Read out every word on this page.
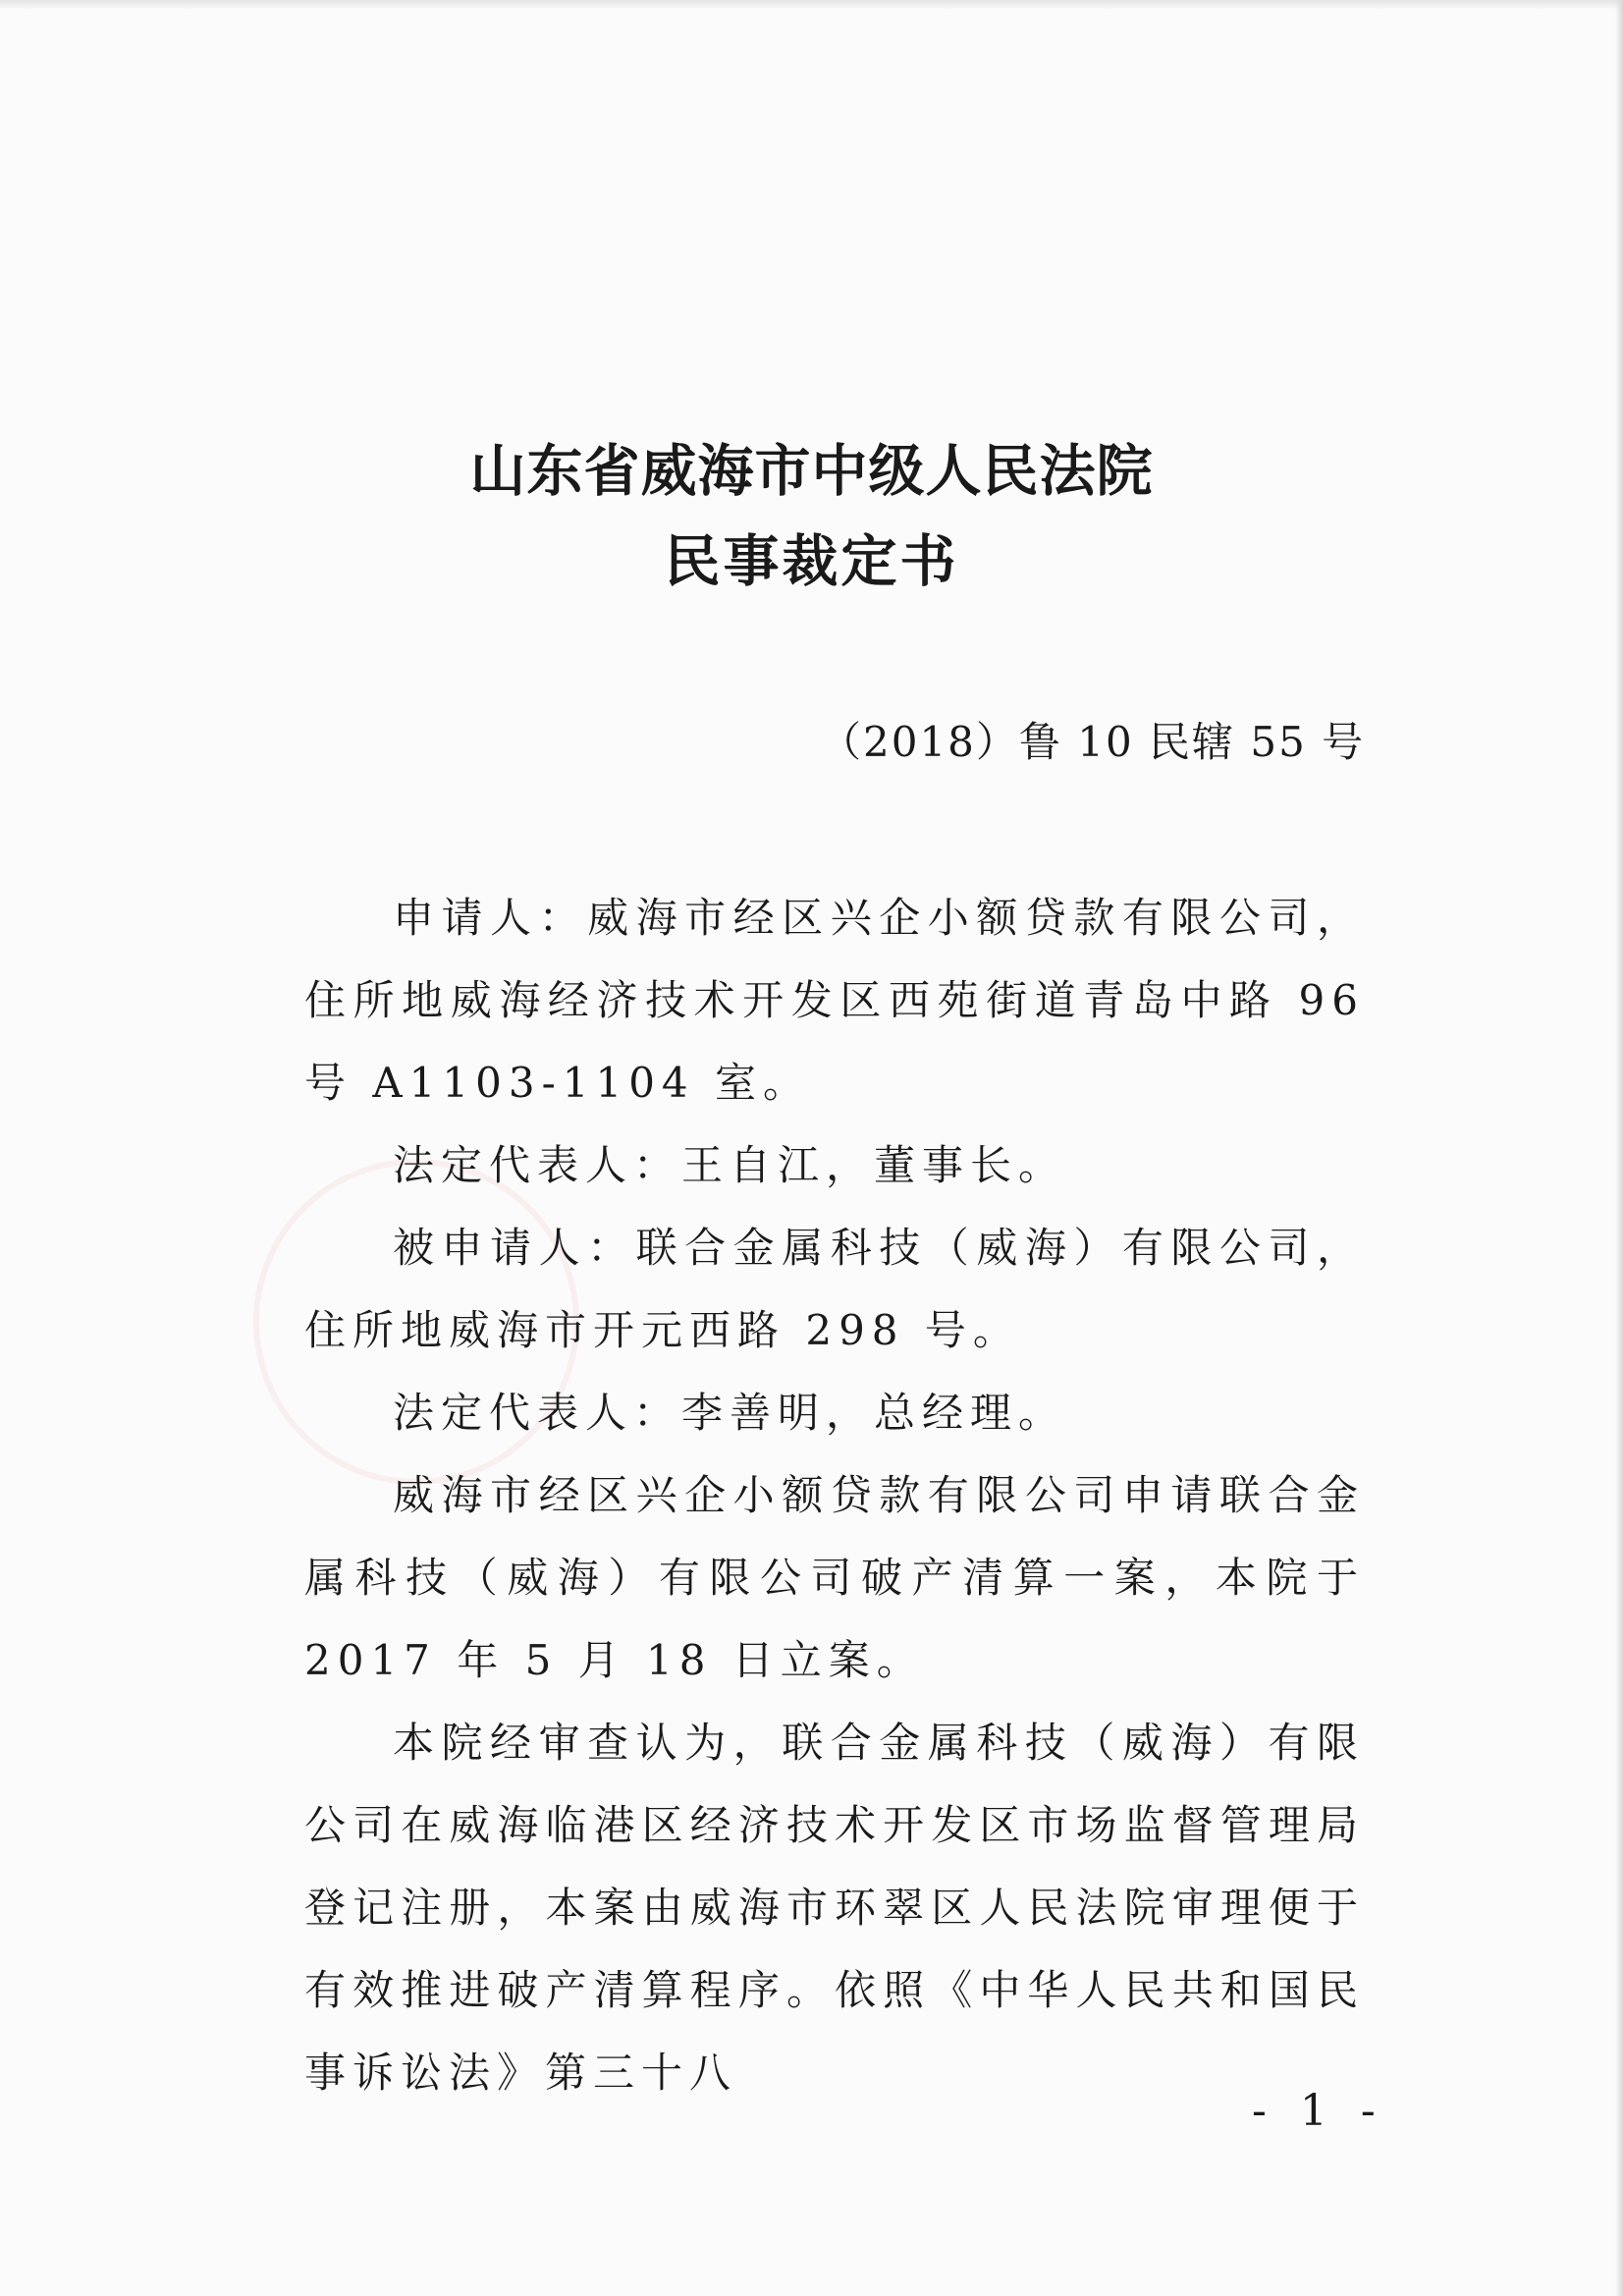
山东省威海市中级人民法院
民事裁定书
（2018）鲁 10 民辖 55 号

申请人：威海市经区兴企小额贷款有限公司，住所地威海经济技术开发区西苑街道青岛中路 96 号 A1103-1104 室。

法定代表人：王自江，董事长。

被申请人：联合金属科技（威海）有限公司，住所地威海市开元西路 298 号。

法定代表人：李善明，总经理。

威海市经区兴企小额贷款有限公司申请联合金属科技（威海）有限公司破产清算一案，本院于 2017 年 5 月 18 日立案。

本院经审查认为，联合金属科技（威海）有限公司在威海临港区经济技术开发区市场监督管理局登记注册，本案由威海市环翠区人民法院审理便于有效推进破产清算程序。依照《中华人民共和国民事诉讼法》第三十八

- 1 -
